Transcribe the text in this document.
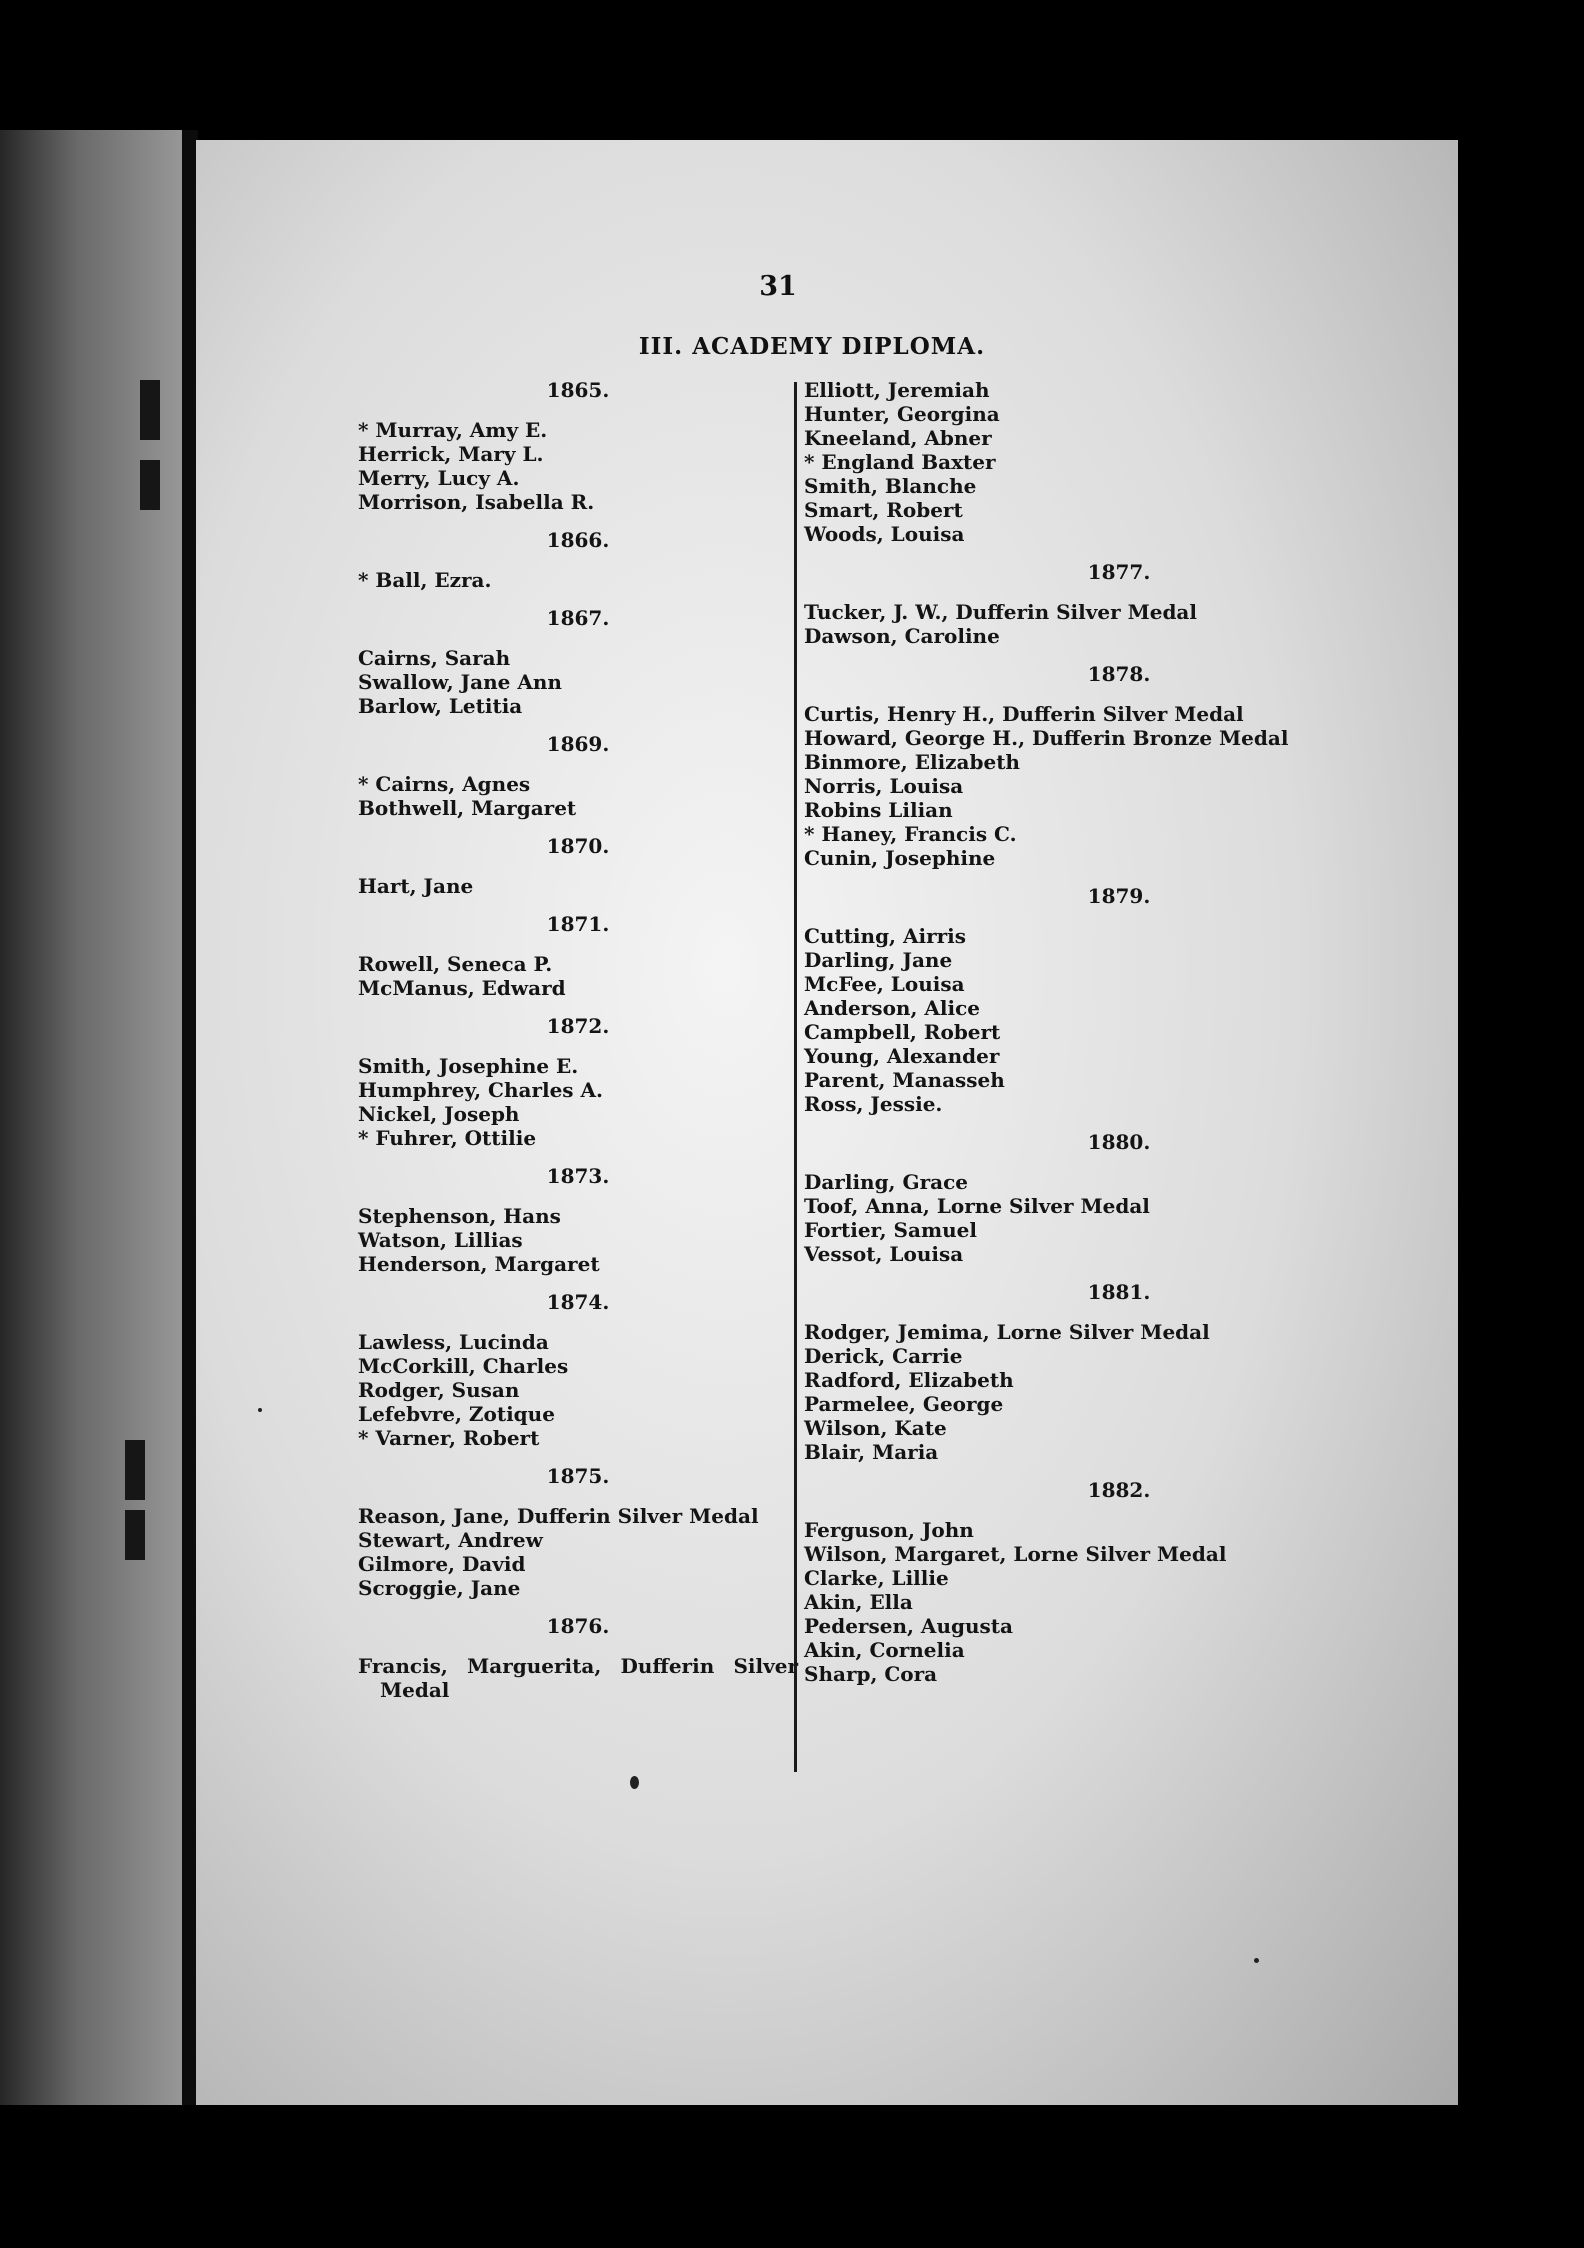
31
III. ACADEMY DIPLOMA.
1865.
* Murray, Amy E.
Herrick, Mary L.
Merry, Lucy A.
Morrison, Isabella R.
1866.
* Ball, Ezra.
1867.
Cairns, Sarah
Swallow, Jane Ann
Barlow, Letitia
1869.
* Cairns, Agnes
Bothwell, Margaret
1870.
Hart, Jane
1871.
Rowell, Seneca P.
McManus, Edward
1872.
Smith, Josephine E.
Humphrey, Charles A.
Nickel, Joseph
* Fuhrer, Ottilie
1873.
Stephenson, Hans
Watson, Lillias
Henderson, Margaret
1874.
Lawless, Lucinda
McCorkill, Charles
Rodger, Susan
Lefebvre, Zotique
* Varner, Robert
1875.
Reason, Jane, Dufferin Silver Medal
Stewart, Andrew
Gilmore, David
Scroggie, Jane
1876.
Francis, Marguerita, Dufferin Silver Medal
Elliott, Jeremiah
Hunter, Georgina
Kneeland, Abner
* England Baxter
Smith, Blanche
Smart, Robert
Woods, Louisa
1877.
Tucker, J. W., Dufferin Silver Medal
Dawson, Caroline
1878.
Curtis, Henry H., Dufferin Silver Medal
Howard, George H., Dufferin Bronze Medal
Binmore, Elizabeth
Norris, Louisa
Robins Lilian
* Haney, Francis C.
Cunin, Josephine
1879.
Cutting, Airris
Darling, Jane
McFee, Louisa
Anderson, Alice
Campbell, Robert
Young, Alexander
Parent, Manasseh
Ross, Jessie.
1880.
Darling, Grace
Toof, Anna, Lorne Silver Medal
Fortier, Samuel
Vessot, Louisa
1881.
Rodger, Jemima, Lorne Silver Medal
Derick, Carrie
Radford, Elizabeth
Parmelee, George
Wilson, Kate
Blair, Maria
1882.
Ferguson, John
Wilson, Margaret, Lorne Silver Medal
Clarke, Lillie
Akin, Ella
Pedersen, Augusta
Akin, Cornelia
Sharp, Cora
